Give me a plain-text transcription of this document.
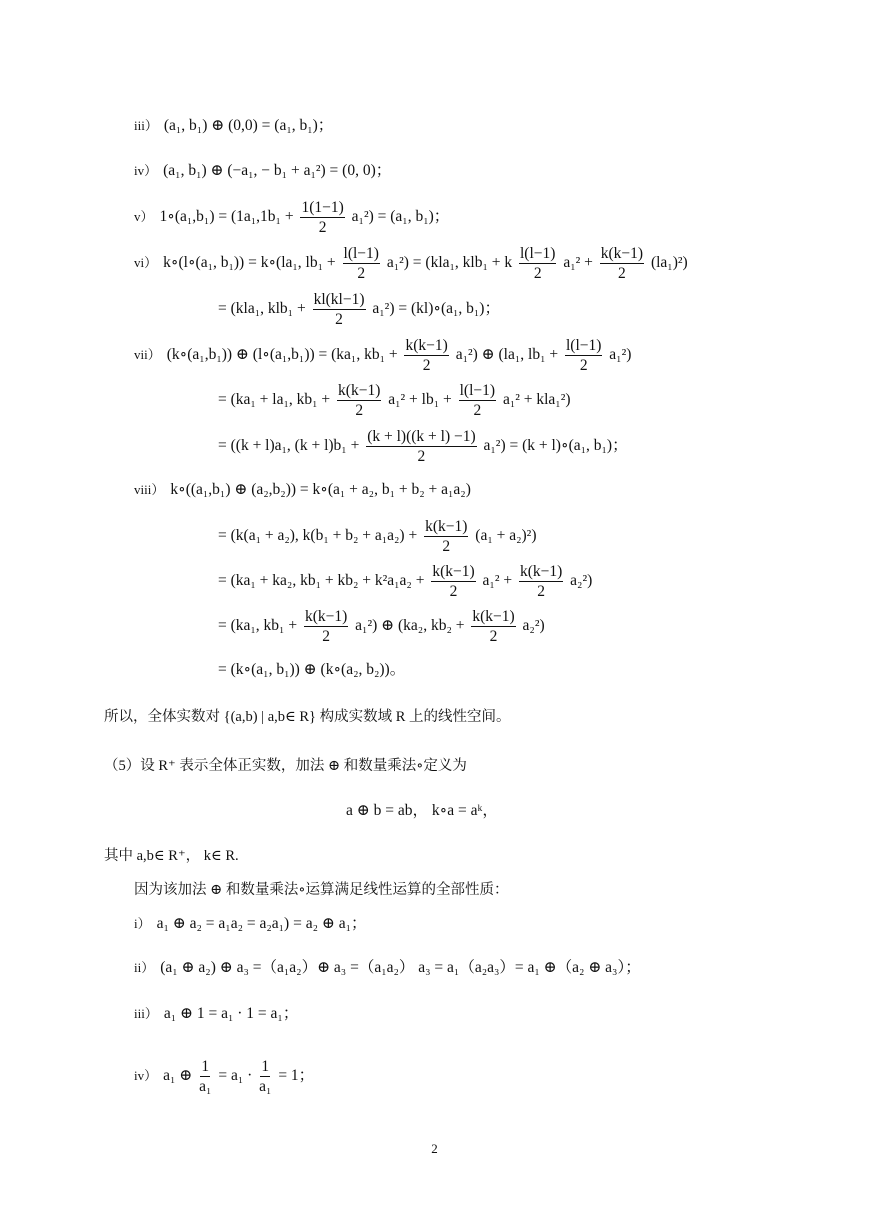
iii） (a₁, b₁) ⊕ (0,0) = (a₁, b₁)；
iv） (a₁, b₁) ⊕ (−a₁, − b₁ + a₁²) = (0, 0)；
v） 1∘(a₁,b₁) = $(1a_1,1b_1 + \frac{1(1-1)}{2} a_1^2) = (a_1$, b₁)；
vi） k∘(l∘(a₁, b₁)) = k∘(la₁, $lb_1 + \frac{l(l-1)}{2} a_1^2) = (kla_1$, klb₁ + k $\frac{l(l-1)}{2} a_1^2 + \frac{k(k-1)}{2} (la_1)^2$)
= (kla₁, $klb_1 + \frac{kl(kl-1)}{2} a_1^2$) = (kl)∘(a₁, b₁)；
vii） (k∘(a₁,b₁)) ⊕ (l∘(a₁,b₁)) = (ka₁, $kb_1 + \frac{k(k-1)}{2} a_1^2$) ⊕ (la₁, $lb_1 + \frac{l(l-1)}{2} a_1^2$)
= (ka₁ + la₁, $kb_1 + \frac{k(k-1)}{2} a_1^2 + lb_1 + \frac{l(l-1)}{2} a_1^2 + kla_1^2$)
= ((k + l)a₁, $(k + l)b_1 + \frac{(k + l)((k + l) -1)}{2} a_1^2) = (k$ + l)∘(a₁, b₁)；
viii） k∘((a₁,b₁) ⊕ (a₂,b₂)) = k∘(a₁ + a₂, b₁ + b₂ + a₁a₂)
= (k(a₁ + a₂), $k(b_1 + b_2 + a_1a_2) + \frac{k(k-1)}{2} (a_1 + a_2)^2$)
= (ka₁ + ka₂, $kb_1 + kb_2 + k^2a_1a_2 + \frac{k(k-1)}{2} a_1^2 + \frac{k(k-1)}{2} a_2^2$)
= (ka₁, $kb_1 + \frac{k(k-1)}{2} a_1^2$) ⊕ (ka₂, $kb_2 + \frac{k(k-1)}{2} a_2^2$)
= (k∘(a₁, b₁)) ⊕ (k∘(a₂, b₂))。
所以，全体实数对 {(a,b) | a,b∈ R} 构成实数域 R 上的线性空间。
（5）设 R⁺ 表示全体正实数，加法 ⊕ 和数量乘法∘定义为
a ⊕ b = ab， k∘a = aᵏ，
其中 a,b∈ R⁺， k∈ R.
因为该加法 ⊕ 和数量乘法∘运算满足线性运算的全部性质：
i） a₁ ⊕ a₂ = a₁a₂ = a₂a₁) = a₂ ⊕ a₁；
ii） (a₁ ⊕ a₂) ⊕ a₃ =（a₁a₂）⊕ a₃ =（a₁a₂） a₃ = a₁（a₂a₃）= a₁ ⊕（a₂ ⊕ a₃）；
iii） a₁ ⊕ 1 = a₁ · 1 = a₁；
iv） a₁ ⊕ $\frac{1}{\text{a₁}} = a_1 \cdot \frac{1}{\text{a₁}} = 1$；
2
